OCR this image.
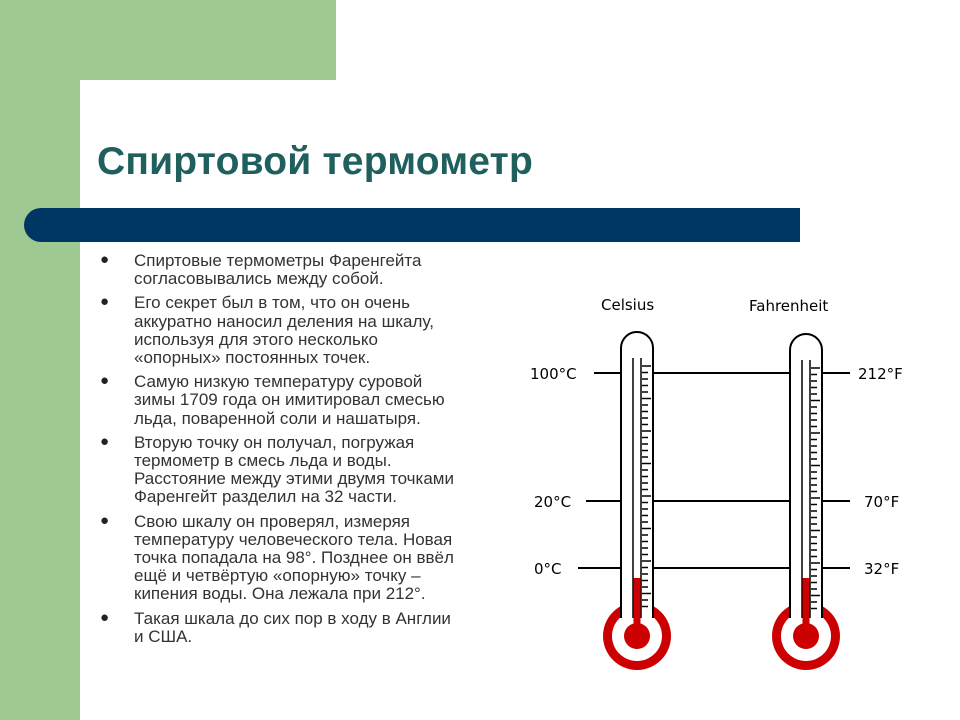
Спиртовой термометр
● Спиртовые термометры Фаренгейта
согласовывались между собой.
● Его секрет был в том, что он очень
аккуратно наносил деления на шкалу,
используя для этого несколько
«опорных» постоянных точек.
● Самую низкую температуру суровой
зимы 1709 года он имитировал смесью
льда, поваренной соли и нашатыря.
● Вторую точку он получал, погружая
термометр в смесь льда и воды.
Расстояние между этими двумя точками
Фаренгейт разделил на 32 части.
● Свою шкалу он проверял, измеряя
температуру человеческого тела. Новая
точка попадала на 98°. Позднее он ввёл
ещё и четвёртую «опорную» точку –
кипения воды. Она лежала при 212°.
● Такая шкала до сих пор в ходу в Англии
и США.
Celsius	Fahrenheit
100°C
20°C
0°C
212°F
70°F
32°F
